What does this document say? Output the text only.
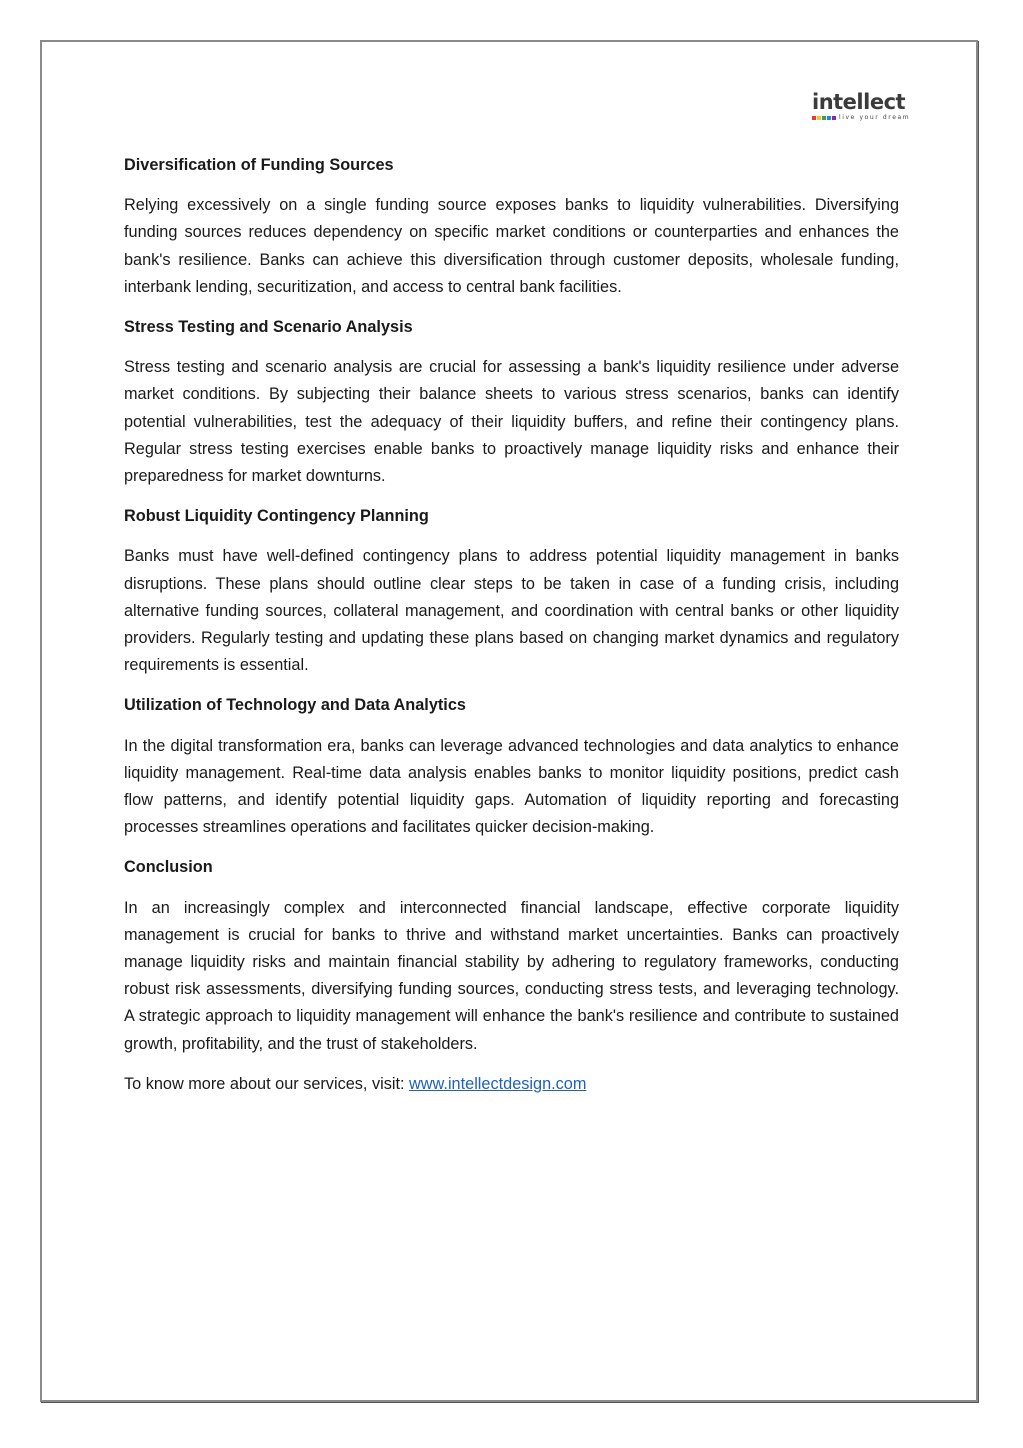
intellect
live your dream
Diversification of Funding Sources

Relying excessively on a single funding source exposes banks to liquidity vulnerabilities. Diversifying funding sources reduces dependency on specific market conditions or counterparties and enhances the bank's resilience. Banks can achieve this diversification through customer deposits, wholesale funding, interbank lending, securitization, and access to central bank facilities.

Stress Testing and Scenario Analysis

Stress testing and scenario analysis are crucial for assessing a bank's liquidity resilience under adverse market conditions. By subjecting their balance sheets to various stress scenarios, banks can identify potential vulnerabilities, test the adequacy of their liquidity buffers, and refine their contingency plans. Regular stress testing exercises enable banks to proactively manage liquidity risks and enhance their preparedness for market downturns.

Robust Liquidity Contingency Planning

Banks must have well-defined contingency plans to address potential liquidity management in banks disruptions. These plans should outline clear steps to be taken in case of a funding crisis, including alternative funding sources, collateral management, and coordination with central banks or other liquidity providers. Regularly testing and updating these plans based on changing market dynamics and regulatory requirements is essential.

Utilization of Technology and Data Analytics

In the digital transformation era, banks can leverage advanced technologies and data analytics to enhance liquidity management. Real-time data analysis enables banks to monitor liquidity positions, predict cash flow patterns, and identify potential liquidity gaps. Automation of liquidity reporting and forecasting processes streamlines operations and facilitates quicker decision-making.

Conclusion

In an increasingly complex and interconnected financial landscape, effective corporate liquidity management is crucial for banks to thrive and withstand market uncertainties. Banks can proactively manage liquidity risks and maintain financial stability by adhering to regulatory frameworks, conducting robust risk assessments, diversifying funding sources, conducting stress tests, and leveraging technology. A strategic approach to liquidity management will enhance the bank's resilience and contribute to sustained growth, profitability, and the trust of stakeholders.

To know more about our services, visit: www.intellectdesign.com
